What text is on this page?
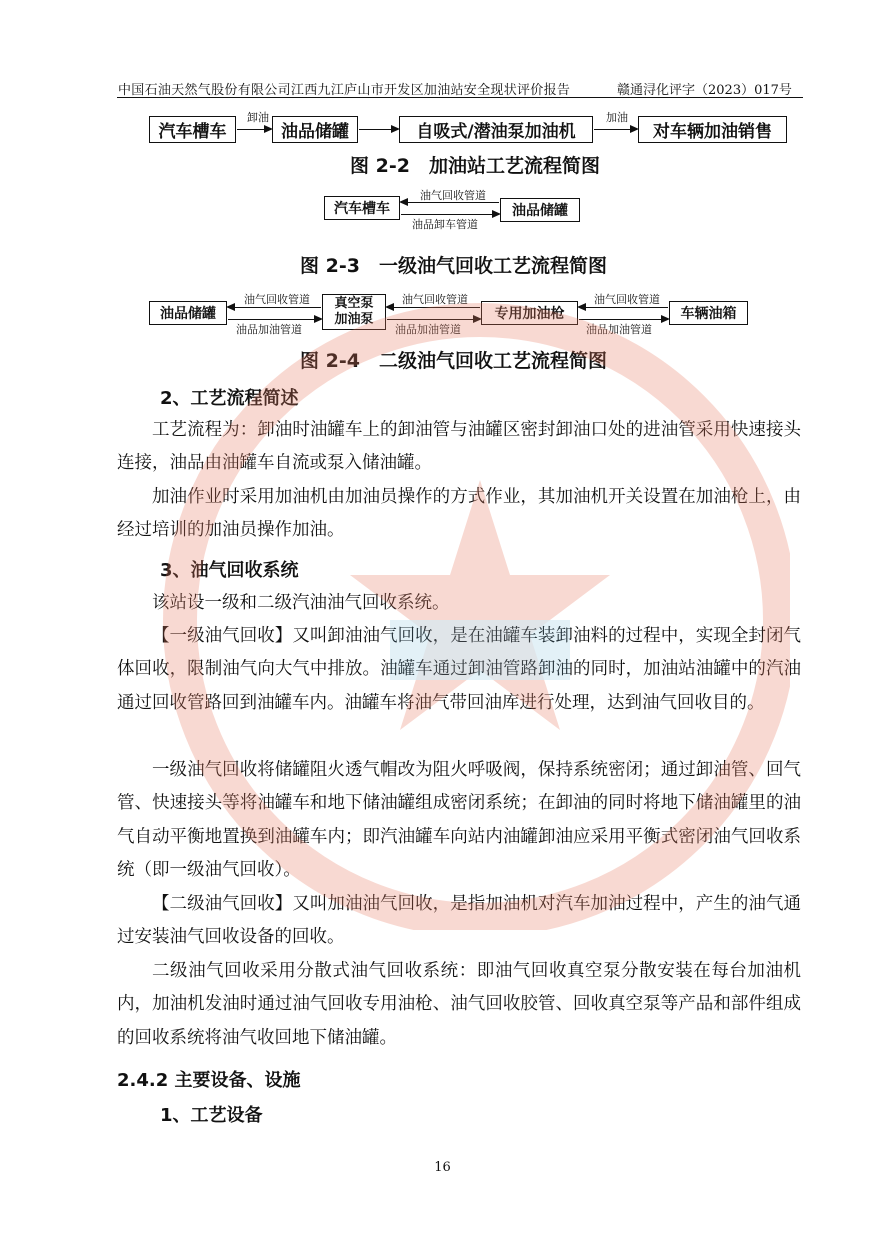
中国石油天然气股份有限公司江西九江庐山市开发区加油站安全现状评价报告	赣通浔化评字（2023）017号
汽车槽车
卸油
油品储罐	自吸式/潜油泵加油机
加油
对车辆加油销售
图 2-2　加油站工艺流程简图
汽车槽车
油气回收管道
油品卸车管道
油品储罐
图 2-3　一级油气回收工艺流程简图
油品储罐
油气回收管道
油品加油管道
真空泵
加油泵
油气回收管道
油品加油管道
专用加油枪
油气回收管道
油品加油管道
车辆油箱
图 2-4　二级油气回收工艺流程简图
2、工艺流程简述

工艺流程为：卸油时油罐车上的卸油管与油罐区密封卸油口处的进油管采用快速接头连接，油品由油罐车自流或泵入储油罐。

加油作业时采用加油机由加油员操作的方式作业，其加油机开关设置在加油枪上，由经过培训的加油员操作加油。

3、油气回收系统

该站设一级和二级汽油油气回收系统。

【一级油气回收】又叫卸油油气回收，是在油罐车装卸油料的过程中，实现全封闭气体回收，限制油气向大气中排放。油罐车通过卸油管路卸油的同时，加油站油罐中的汽油通过回收管路回到油罐车内。油罐车将油气带回油库进行处理，达到油气回收目的。

一级油气回收将储罐阻火透气帽改为阻火呼吸阀，保持系统密闭；通过卸油管、回气管、快速接头等将油罐车和地下储油罐组成密闭系统；在卸油的同时将地下储油罐里的油气自动平衡地置换到油罐车内；即汽油罐车向站内油罐卸油应采用平衡式密闭油气回收系统（即一级油气回收）。

【二级油气回收】又叫加油油气回收，是指加油机对汽车加油过程中，产生的油气通过安装油气回收设备的回收。

二级油气回收采用分散式油气回收系统：即油气回收真空泵分散安装在每台加油机内，加油机发油时通过油气回收专用油枪、油气回收胶管、回收真空泵等产品和部件组成的回收系统将油气收回地下储油罐。

2.4.2 主要设备、设施
1、工艺设备
16
